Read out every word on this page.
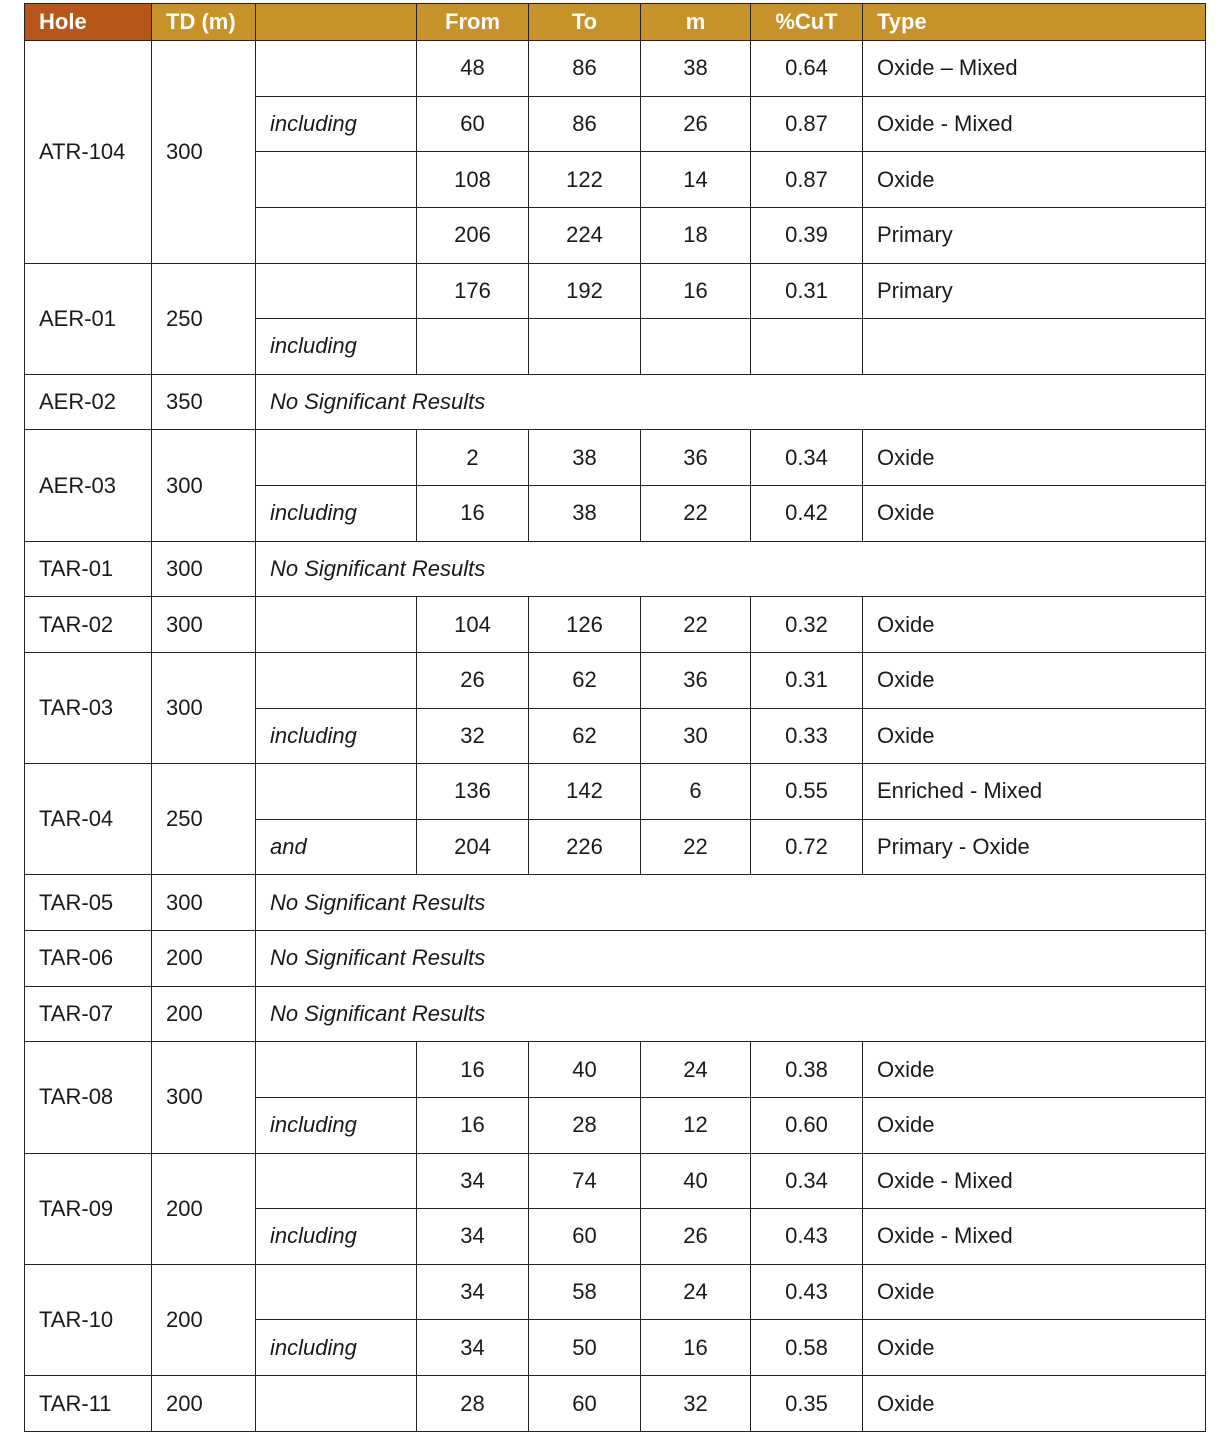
Hole	TD (m)		From	To	m	%CuT	Type
ATR-104	300		48	86	38	0.64	Oxide – Mixed
		including	60	86	26	0.87	Oxide - Mixed
			108	122	14	0.87	Oxide
			206	224	18	0.39	Primary
AER-01	250		176	192	16	0.31	Primary
		including					
AER-02	350	No Significant Results					
AER-03	300		2	38	36	0.34	Oxide
		including	16	38	22	0.42	Oxide
TAR-01	300	No Significant Results					
TAR-02	300		104	126	22	0.32	Oxide
TAR-03	300		26	62	36	0.31	Oxide
		including	32	62	30	0.33	Oxide
TAR-04	250		136	142	6	0.55	Enriched - Mixed
		and	204	226	22	0.72	Primary - Oxide
TAR-05	300	No Significant Results					
TAR-06	200	No Significant Results					
TAR-07	200	No Significant Results					
TAR-08	300		16	40	24	0.38	Oxide
		including	16	28	12	0.60	Oxide
TAR-09	200		34	74	40	0.34	Oxide - Mixed
		including	34	60	26	0.43	Oxide - Mixed
TAR-10	200		34	58	24	0.43	Oxide
		including	34	50	16	0.58	Oxide
TAR-11	200		28	60	32	0.35	Oxide
